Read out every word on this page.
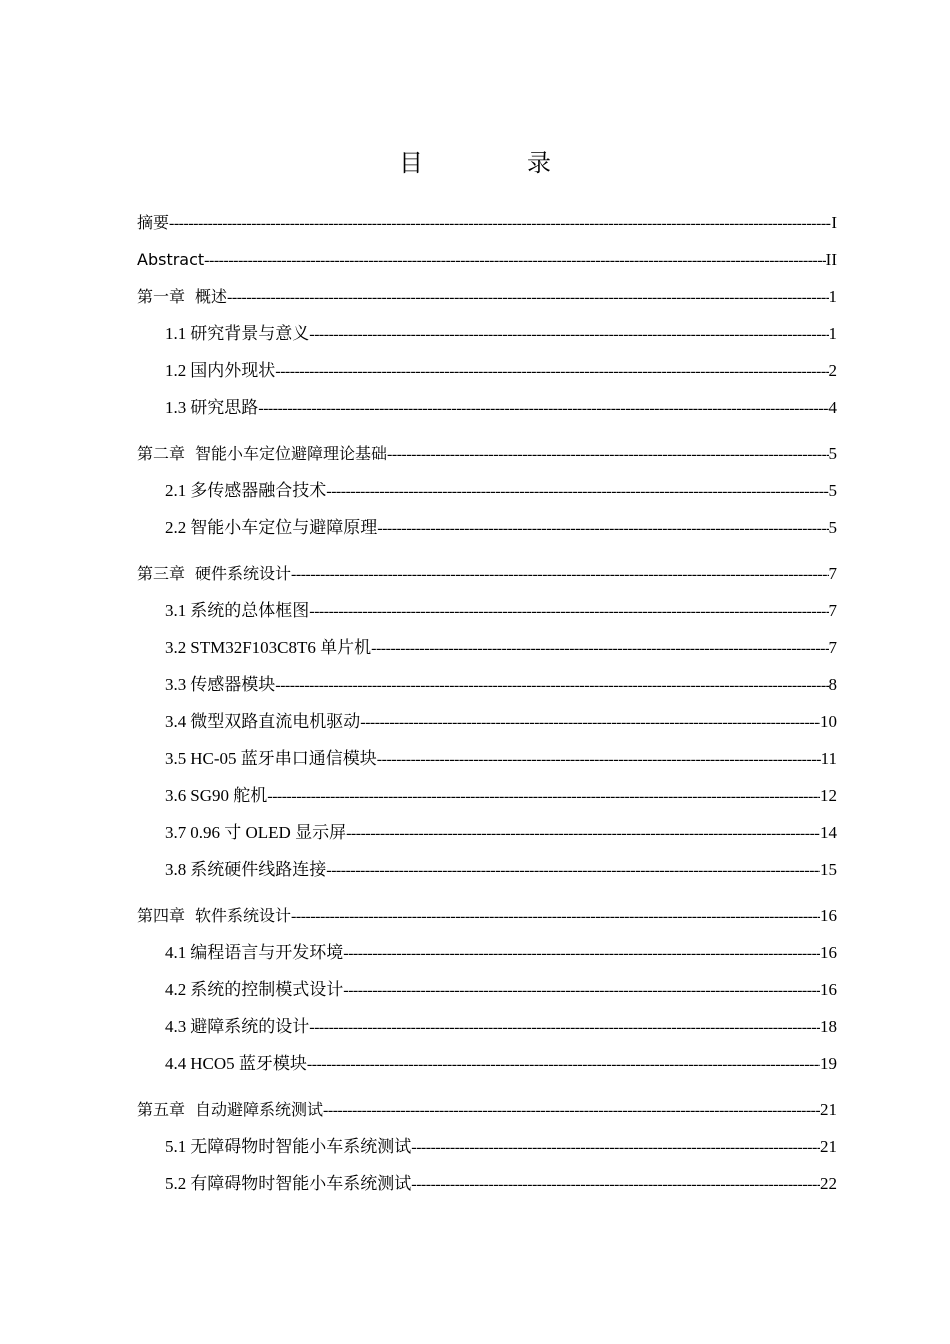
目　录
摘要 -----	I
Abstract -----	II
第一章 概述 -----	1
1.1 研究背景与意义 -----	1
1.2 国内外现状 -----	2
1.3 研究思路 -----	4
第二章 智能小车定位避障理论基础 -----	5
2.1 多传感器融合技术 -----	5
2.2 智能小车定位与避障原理 -----	5
第三章 硬件系统设计 -----	7
3.1 系统的总体框图 -----	7
3.2 STM32F103C8T6 单片机 -----	7
3.3 传感器模块 -----	8
3.4 微型双路直流电机驱动 -----	10
3.5 HC-05 蓝牙串口通信模块 -----	11
3.6 SG90 舵机 -----	12
3.7 0.96 寸 OLED 显示屏 -----	14
3.8 系统硬件线路连接 -----	15
第四章 软件系统设计 -----	16
4.1 编程语言与开发环境 -----	16
4.2 系统的控制模式设计 -----	16
4.3 避障系统的设计 -----	18
4.4 HCO5 蓝牙模块 -----	19
第五章 自动避障系统测试 -----	21
5.1 无障碍物时智能小车系统测试 -----	21
5.2 有障碍物时智能小车系统测试 -----	22
